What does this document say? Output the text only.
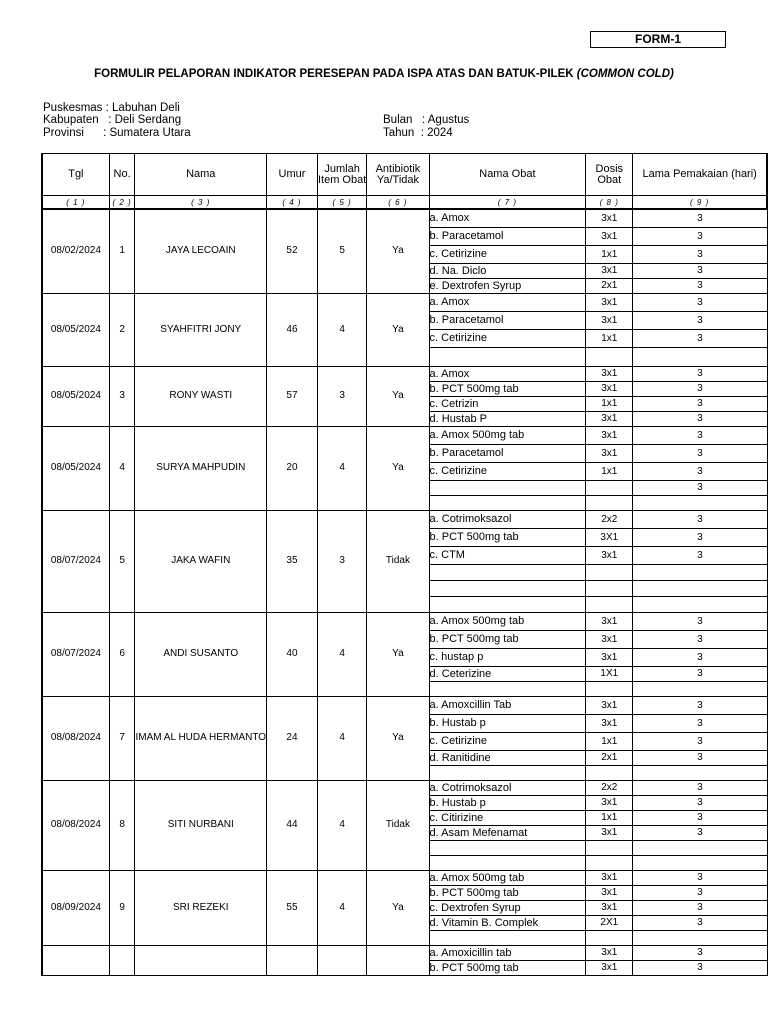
FORM-1
FORMULIR PELAPORAN INDIKATOR PERESEPAN PADA ISPA ATAS DAN BATUK-PILEK (COMMON COLD)
Puskesmas : Labuhan Deli
Kabupaten   : Deli Serdang
Provinsi      : Sumatera Utara
Bulan   : Agustus
Tahun  : 2024
Tgl	No.	Nama	Umur	Jumlah Item Obat	Antibiotik Ya/Tidak	Nama Obat	Dosis Obat	Lama Pemakaian (hari)
( 1 )	( 2 )	( 3 )	( 4 )	( 5 )	( 6 )	( 7 )	( 8 )	( 9 )
08/02/2024	1	JAYA LECOAIN	52	5	Ya	a. Amox	3x1	3
						b. Paracetamol	3x1	3
						c. Cetirizine	1x1	3
						d. Na. Diclo	3x1	3
						e. Dextrofen Syrup	2x1	3
08/05/2024	2	SYAHFITRI JONY	46	4	Ya	a. Amox	3x1	3
						b. Paracetamol	3x1	3
						c. Cetirizine	1x1	3

08/05/2024	3	RONY WASTI	57	3	Ya	a. Amox	3x1	3
						b. PCT 500mg tab	3x1	3
						c. Cetrizin	1x1	3
						d. Hustab P	3x1	3
08/05/2024	4	SURYA MAHPUDIN	20	4	Ya	a. Amox 500mg tab	3x1	3
						b. Paracetamol	3x1	3
						c. Cetirizine	1x1	3
								3

08/07/2024	5	JAKA WAFIN	35	3	Tidak	a. Cotrimoksazol	2x2	3
						b. PCT 500mg tab	3X1	3
						c. CTM	3x1	3

08/07/2024	6	ANDI SUSANTO	40	4	Ya	a. Amox 500mg tab	3x1	3
						b. PCT 500mg tab	3x1	3
						c. hustap p	3x1	3
						d. Ceterizine	1X1	3

08/08/2024	7	IMAM AL HUDA HERMANTO	24	4	Ya	a. Amoxcillin Tab	3x1	3
						b. Hustab p	3x1	3
						c. Cetirizine	1x1	3
						d. Ranitidine	2x1	3

08/08/2024	8	SITI NURBANI	44	4	Tidak	a. Cotrimoksazol	2x2	3
						b. Hustab p	3x1	3
						c. Citirizine	1x1	3
						d. Asam Mefenamat	3x1	3

08/09/2024	9	SRI REZEKI	55	4	Ya	a. Amox 500mg tab	3x1	3
						b. PCT 500mg tab	3x1	3
						c. Dextrofen Syrup	3x1	3
						d. Vitamin B. Complek	2X1	3

						a. Amoxicillin tab	3x1	3
						b. PCT 500mg tab	3x1	3
